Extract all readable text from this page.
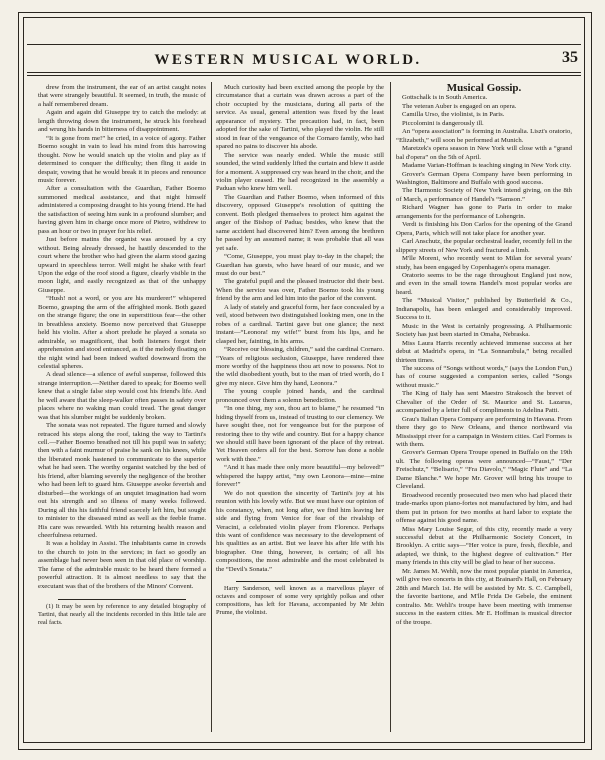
WESTERN MUSICAL WORLD.	35

drew from the instrument, the ear of an artist caught notes that were strangely beautiful. It seemed, in truth, the music of a half remembered dream.

Again and again did Giuseppe try to catch the melody: at length throwing down the instrument, he struck his forehead and wrung his hands in bitterness of disappointment.

“It is gone from me!” he cried, in a voice of agony. Father Boemo sought in vain to lead his mind from this harrowing thought. Now he would snatch up the violin and play as if determined to conquer the difficulty; then fling it aside in despair, vowing that he would break it in pieces and renounce music forever.

After a consultation with the Guardian, Father Boemo summoned medical assistance, and that night himself administered a composing draught to his young friend. He had the satisfaction of seeing him sunk in a profound slumber; and having given him in charge once more of Pietro, withdrew to pass an hour or two in prayer for his relief.

Just before matins the organist was aroused by a cry without. Being already dressed, he hastily descended to the court where the brother who had given the alarm stood gazing upward in speechless terror. Well might he shake with fear! Upon the edge of the roof stood a figure, clearly visible in the moon light, and easily recognized as that of the unhappy Giuseppe.

“Hush! not a word, or you are his murderer!” whispered Boemo, grasping the arm of the affrighted monk. Both gazed on the strange figure; the one in superstitious fear—the other in breathless anxiety. Boemo now perceived that Giuseppe held his violin. After a short prelude he played a sonata so admirable, so magnificent, that both listeners forgot their apprehension and stood entranced, as if the melody floating on the night wind had been indeed wafted downward from the celestial spheres.

A dead silence—a silence of awful suspense, followed this strange interruption.—Neither dared to speak; for Boemo well knew that a single false step would cost his friend's life. And he well aware that the sleep-walker often passes in safety over places where no waking man could tread. The great danger was that his slumber might be suddenly broken.

The sonata was not repeated. The figure turned and slowly retraced his steps along the roof, taking the way to Tartini's cell.—Father Boemo breathed not till his pupil was in safety; then with a faint murmur of praise he sank on his knees, while the liberated monk hastened to communicate to the superior what he had seen. The worthy organist watched by the bed of his friend, after blaming severely the negligence of the brother who had been left to guard him. Giuseppe awoke feverish and disturbed—the workings of an unquiet imagination had worn out his strength and so illness of many weeks followed. During all this his faithful friend scarcely left him, but sought to minister to the diseased mind as well as the feeble frame. His care was rewarded. With his returning health reason and cheerfulness returned.

It was a holiday in Assisi. The inhabitants came in crowds to the church to join in the services; in fact so goodly an assemblage had never been seen in that old place of worship. The fame of the admirable music to be heard there formed a powerful attraction. It is almost needless to say that the executant was that of the brothers of the Minors' Convent.

(1) It may be seen by reference to any detailed biography of Tartini, that nearly all the incidents recorded in this little tale are real facts.

Much curiosity had been excited among the people by the circumstance that a curtain was drawn across a part of the choir occupied by the musicians, during all parts of the service. As usual, general attention was fixed by the least appearance of mystery. The precaution had, in fact, been adopted for the sake of Tartini, who played the violin. He still stood in fear of the vengeance of the Cornaro family, who had spared no pains to discover his abode.

The service was nearly ended. While the music still sounded, the wind suddenly lifted the curtain and blew it aside for a moment. A suppressed cry was heard in the choir, and the violin player ceased. He had recognized in the assembly a Paduan who knew him well.

The Guardian and Father Boemo, when informed of this discovery, opposed Giuseppe's resolution of quitting the convent. Both pledged themselves to protect him against the anger of the Bishop of Padua; besides, who knew that the same accident had discovered him? Even among the brethren he passed by an assumed name; it was probable that all was yet safe.

“Come, Giuseppe, you must play to-day in the chapel; the Guardian has guests, who have heard of our music, and we must do our best.”

The grateful pupil and the pleased instructor did their best. When the service was over, Father Boemo took his young friend by the arm and led him into the parlor of the convent.

A lady of stately and graceful form, her face concealed by a veil, stood between two distinguished looking men, one in the robes of a cardinal. Tartini gave but one glance; the next instant—“Leonora! my wife!” burst from his lips, and he clasped her, fainting, in his arms.

“Receive our blessing, children,” said the cardinal Cornaro. “Years of religious seclusion, Giuseppe, have rendered thee more worthy of the happiness thou art now to possess. Not to the wild disobedient youth, but to the man of tried worth, do I give my niece. Give him thy hand, Leonora.”

The young couple joined hands, and the cardinal pronounced over them a solemn benediction.

“In one thing, my son, thou art to blame,” he resumed “in hiding thyself from us, instead of trusting to our clemency. We have sought thee, not for vengeance but for the purpose of restoring thee to thy wife and country. But for a happy chance we should still have been ignorant of the place of thy retreat. Yet Heaven orders all for the best. Sorrow has done a noble work with thee.”

“And it has made thee only more beautiful—my beloved!” whispered the happy artist, “my own Leonora—mine—mine forever!”

We do not question the sincerity of Tartini's joy at his reunion with his lovely wife. But we must have our opinion of his constancy, when, not long after, we find him leaving her side and flying from Venice for fear of the rivalship of Veracini, a celebrated violin player from Florence. Perhaps this want of confidence was necessary to the development of his qualities as an artist. But we leave his after life with his biographer. One thing, however, is certain; of all his compositions, the most admirable and the most celebrated is the “Devil's Sonata.”

Harry Sanderson, well known as a marvellous player of octaves and composer of some very sprightly polkas and other compositions, has left for Havana, accompanied by Mr Jehin Prume, the violinist.

Musical Gossip.

Gottschalk is in South America.

The veteran Auber is engaged on an opera.

Camilla Urso, the violinist, is in Paris.

Piccolomini is dangerously ill.

An “opera association” is forming in Australia. Liszt's oratorio, “Elizabeth,” will soon be performed at Munich.

Maretzek's opera season in New York will close with a “grand bal d'opera” on the 5th of April.

Madame Varian-Hoffman is teaching singing in New York city.

Grover's German Opera Company have been performing in Washington, Baltimore and Buffalo with good success.

The Harmonic Society of New York intend giving, on the 8th of March, a performance of Handel's “Samson.”

Richard Wagner has gone to Paris in order to make arrangements for the performance of Lohengrin.

Verdi is finishing his Don Carlos for the opening of the Grand Opera, Paris, which will not take place for another year.

Carl Anschutz, the popular orchestral leader, recently fell in the slippery streets of New York and fractured a limb.

M'lle Moreni, who recently went to Milan for several years' study, has been engaged by Copenhagen's opera manager.

Oratorio seems to be the rage throughout England just now, and even in the small towns Handel's most popular works are heard.

The “Musical Visitor,” published by Butterfield & Co., Indianapolis, has been enlarged and considerably improved. Success to it.

Music in the West is certainly progressing. A Philharmonic Society has just been started in Omaha, Nebraska.

Miss Laura Harris recently achieved immense success at her debut at Madrid's opera, in “La Sonnambula,” being recalled thirteen times.

The success of “Songs without words,” (says the London Fun,) has of course suggested a companion series, called “Songs without music.”

The King of Italy has sent Maestro Strakosch the brevet of Chevalier of the Order of St. Maurice and St. Lazarus, accompanied by a letter full of compliments to Adelina Patti.

Grau's Italian Opera Company are performing in Havana. From there they go to New Orleans, and thence northward via Mississippi river for a campaign in Western cities. Carl Formes is with them.

Grover's German Opera Troupe opened in Buffalo on the 19th ult. The following operas were announced—“Faust,” “Der Freischutz,” “Belisario,” “Fra Diavolo,” “Magic Flute” and “La Dame Blanche.” We hope Mr. Grover will bring his troupe to Cleveland.

Broadwood recently prosecuted two men who had placed their trade-marks upon piano-fortes not manufactured by him, and had them put in prison for two months at hard labor to expiate the offense against his good name.

Miss Mary Louise Segur, of this city, recently made a very successful debut at the Philharmonic Society Concert, in Brooklyn. A critic says—“Her voice is pure, fresh, flexible, and adapted, we think, to the highest degree of cultivation.” Her many friends in this city will be glad to hear of her success.

Mr. James M. Wehli, now the most popular pianist in America, will give two concerts in this city, at Brainard's Hall, on February 28th and March 1st. He will be assisted by Mr. S. C. Campbell, the favorite baritone, and M'lle Frida De Gebele, the eminent contralto. Mr. Wehli's troupe have been meeting with immense success in the eastern cities. Mr E. Hoffman is musical director of the troupe.
